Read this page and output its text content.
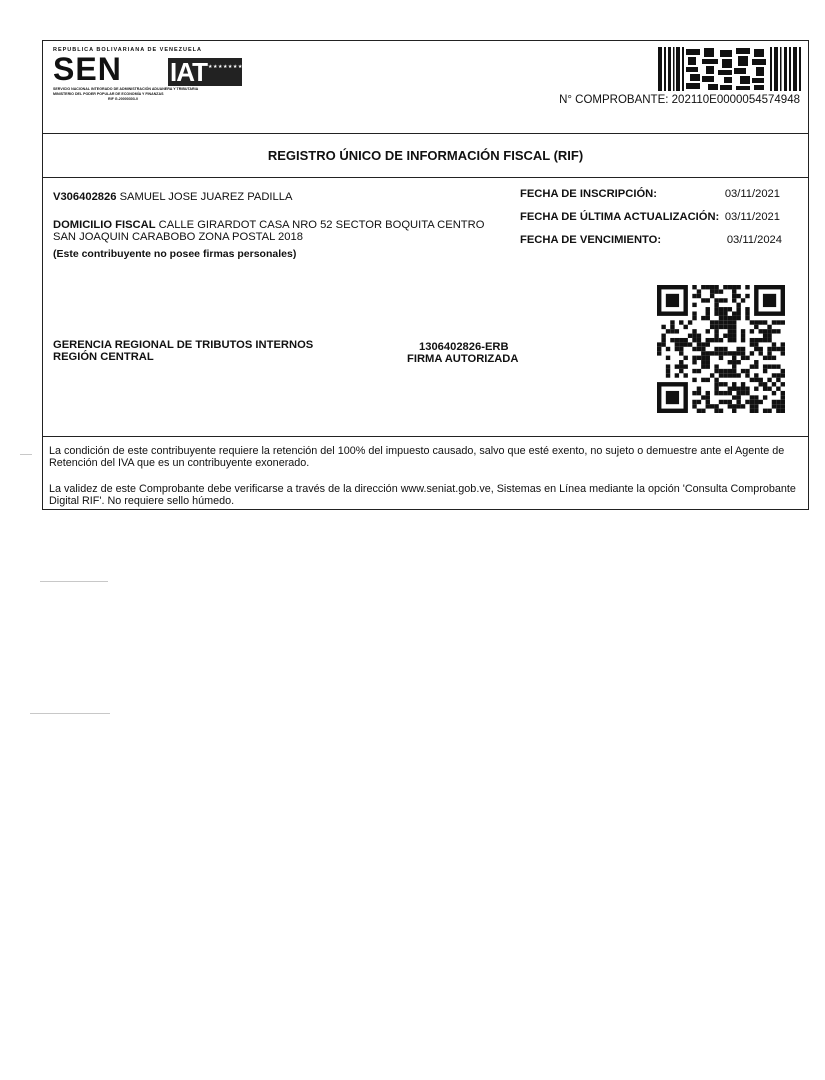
REPUBLICA BOLIVARIANA DE VENEZUELA
SEN IAT ★★★★★★★★
SERVICIO NACIONAL INTEGRADO DE ADMINISTRACIÓN ADUANERA Y TRIBUTARIA
MINISTERIO DEL PODER POPULAR DE ECONOMÍA Y FINANZAS
RIF G-20000303-0	N° COMPROBANTE: 202110E0000054574948
REGISTRO ÚNICO DE INFORMACIÓN FISCAL (RIF)
V306402826 SAMUEL JOSE JUAREZ PADILLA
DOMICILIO FISCAL CALLE GIRARDOT CASA NRO 52 SECTOR BOQUITA CENTRO
SAN JOAQUIN CARABOBO ZONA POSTAL 2018
(Este contribuyente no posee firmas personales)
FECHA DE INSCRIPCIÓN:	03/11/2021
FECHA DE ÚLTIMA ACTUALIZACIÓN: 03/11/2021
FECHA DE VENCIMIENTO:	03/11/2024
GERENCIA REGIONAL DE TRIBUTOS INTERNOS
REGIÓN CENTRAL
1306402826-ERB
FIRMA AUTORIZADA
La condición de este contribuyente requiere la retención del 100% del impuesto causado, salvo que esté exento, no sujeto o demuestre ante el Agente de Retención del IVA que es un contribuyente exonerado.
La validez de este Comprobante debe verificarse a través de la dirección www.seniat.gob.ve, Sistemas en Línea mediante la opción 'Consulta Comprobante Digital RIF'. No requiere sello húmedo.
